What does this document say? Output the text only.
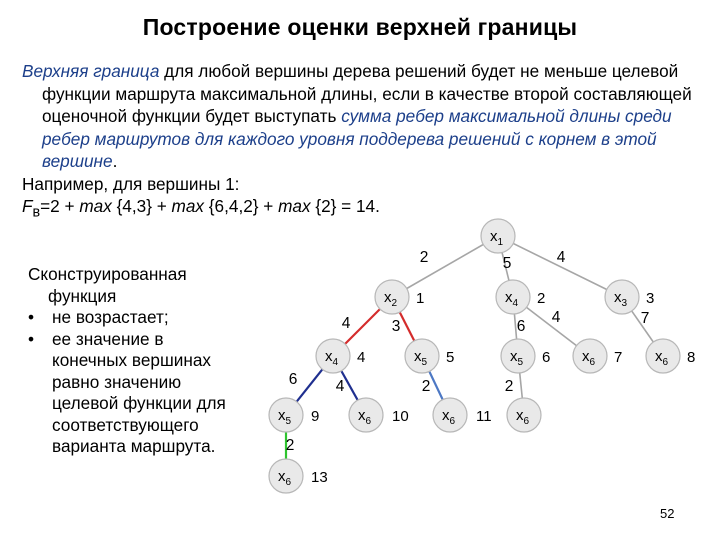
Построение оценки верхней границы

Верхняя граница для любой вершины дерева решений будет не меньше целевой функции маршрута максимальной длины, если в качестве второй составляющей оценочной функции будет выступать сумма ребер максимальной длины среди ребер маршрутов для каждого уровня поддерева решений с корнем в этой вершине.

Например, для вершины 1:

$F_в=2 + \max \{4,3\} + \max \{6,4,2\} + \max \{2\} = 14$.

Сконструированная функция
• не возрастает;
• ее значение в конечных вершинах равно значению целевой функции для соответствующего варианта маршрута.
2	5	4
4	3	6
4	7
6 4	2	2
2
$x_1$
$x_2$ 1	$x_4$ 2	$x_3$ 3
$x_4$ 4	$x_5$ 5	$x_5$ 6 $x_6$ 7 $x_6$ 8
$x_5$ 9	$x_6$ 10 $x_6$ 11 $x_6$
$x_6$ 13
52
